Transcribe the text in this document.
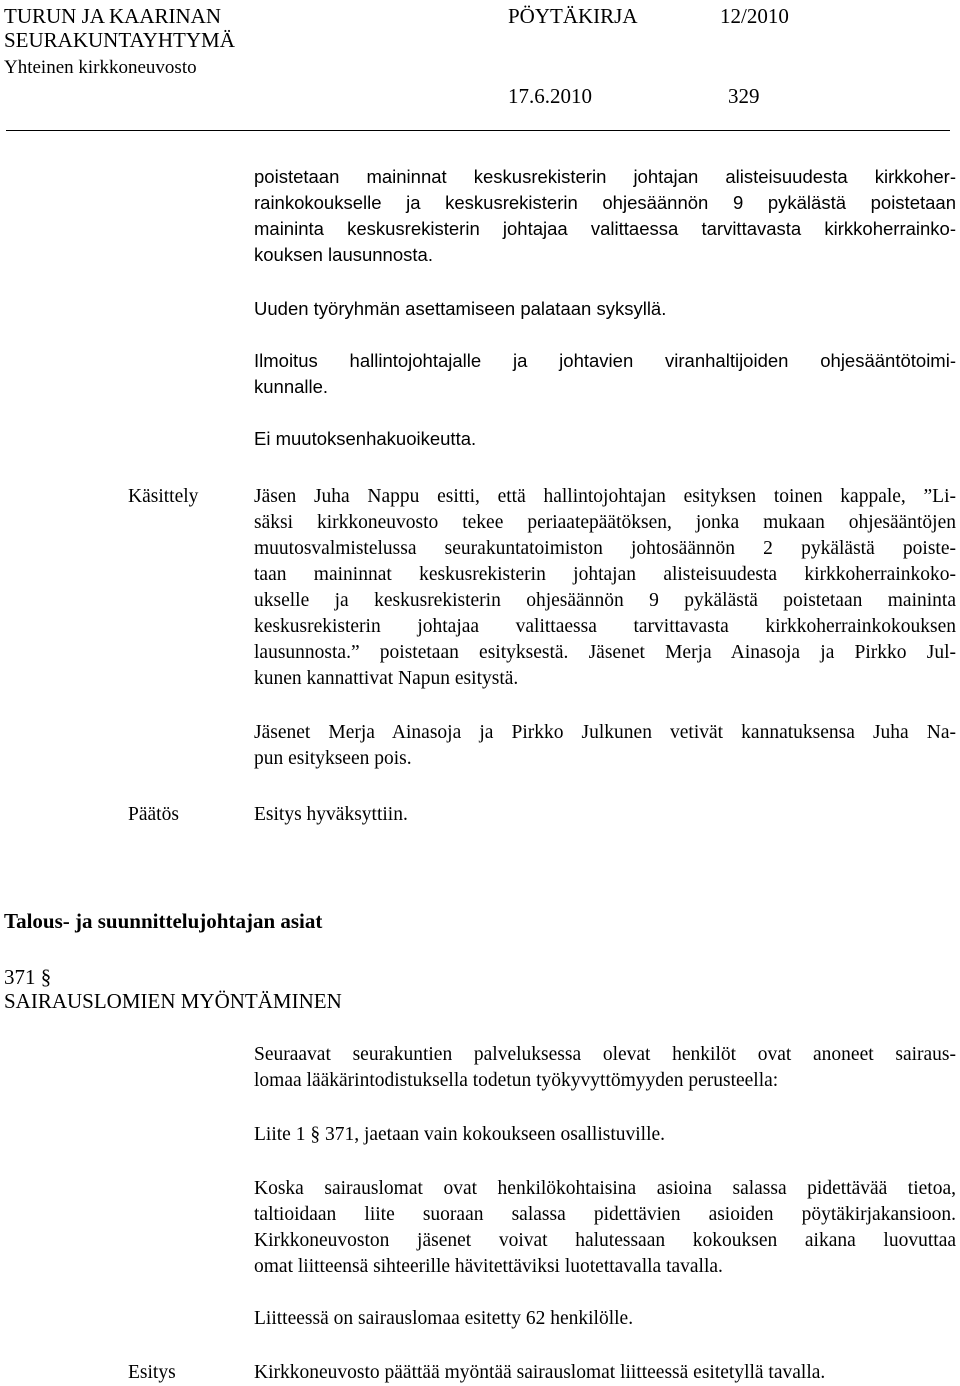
TURUN JA KAARINAN
SEURAKUNTAYHTYMÄ
Yhteinen kirkkoneuvosto
PÖYTÄKIRJA	12/2010
17.6.2010	329
poistetaan maininnat keskusrekisterin johtajan alisteisuudesta kirkkoher-
rainkokoukselle ja keskusrekisterin ohjesäännön 9 pykälästä poistetaan
maininta keskusrekisterin johtajaa valittaessa tarvittavasta kirkkoherrainko-
kouksen lausunnosta.
Uuden työryhmän asettamiseen palataan syksyllä.
Ilmoitus hallintojohtajalle ja johtavien viranhaltijoiden ohjesääntötoimi-
kunnalle.
Ei muutoksenhakuoikeutta.
Käsittely	Jäsen Juha Nappu esitti, että hallintojohtajan esityksen toinen kappale, ”Li-
säksi kirkkoneuvosto tekee periaatepäätöksen, jonka mukaan ohjesääntöjen
muutosvalmistelussa seurakuntatoimiston johtosäännön 2 pykälästä poiste-
taan maininnat keskusrekisterin johtajan alisteisuudesta kirkkoherrainkoko-
ukselle ja keskusrekisterin ohjesäännön 9 pykälästä poistetaan maininta
keskusrekisterin johtajaa valittaessa tarvittavasta kirkkoherrainkokouksen
lausunnosta.” poistetaan esityksestä. Jäsenet Merja Ainasoja ja Pirkko Jul-
kunen kannattivat Napun esitystä.
Jäsenet Merja Ainasoja ja Pirkko Julkunen vetivät kannatuksensa Juha Na-
pun esitykseen pois.
Päätös	Esitys hyväksyttiin.
Talous- ja suunnittelujohtajan asiat
371 §
SAIRAUSLOMIEN MYÖNTÄMINEN
Seuraavat seurakuntien palveluksessa olevat henkilöt ovat anoneet sairaus-
lomaa lääkärintodistuksella todetun työkyvyttömyyden perusteella:
Liite 1 § 371, jaetaan vain kokoukseen osallistuville.
Koska sairauslomat ovat henkilökohtaisina asioina salassa pidettävää tietoa,
taltioidaan liite suoraan salassa pidettävien asioiden pöytäkirjakansioon.
Kirkkoneuvoston jäsenet voivat halutessaan kokouksen aikana luovuttaa
omat liitteensä sihteerille hävitettäviksi luotettavalla tavalla.
Liitteessä on sairauslomaa esitetty 62 henkilölle.
Esitys	Kirkkoneuvosto päättää myöntää sairauslomat liitteessä esitetyllä tavalla.
